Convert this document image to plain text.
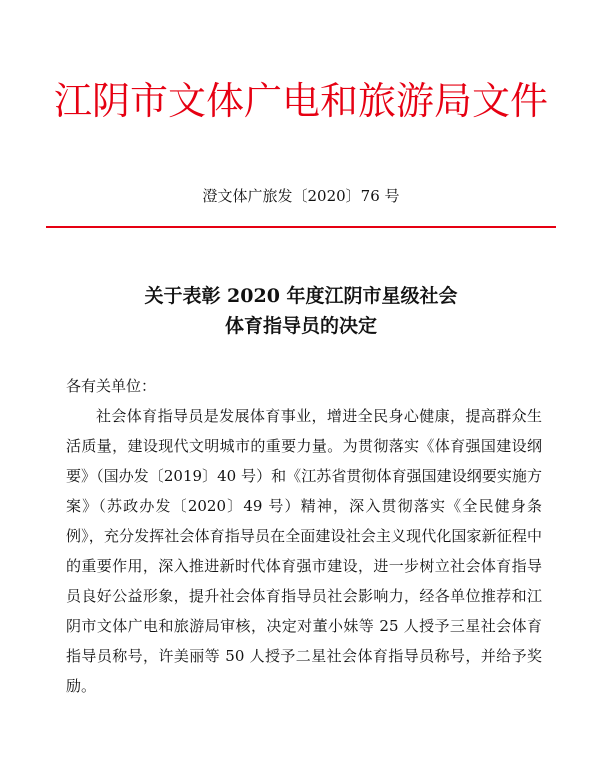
江阴市文体广电和旅游局文件
澄文体广旅发〔2020〕76 号
关于表彰 2020 年度江阴市星级社会
体育指导员的决定
各有关单位：

社会体育指导员是发展体育事业，增进全民身心健康，提高群众生活质量，建设现代文明城市的重要力量。为贯彻落实《体育强国建设纲要》（国办发〔2019〕40 号）和《江苏省贯彻体育强国建设纲要实施方案》（苏政办发〔2020〕49 号）精神，深入贯彻落实《全民健身条例》，充分发挥社会体育指导员在全面建设社会主义现代化国家新征程中的重要作用，深入推进新时代体育强市建设，进一步树立社会体育指导员良好公益形象，提升社会体育指导员社会影响力，经各单位推荐和江阴市文体广电和旅游局审核，决定对董小妹等 25 人授予三星社会体育指导员称号，许美丽等 50 人授予二星社会体育指导员称号，并给予奖励。
